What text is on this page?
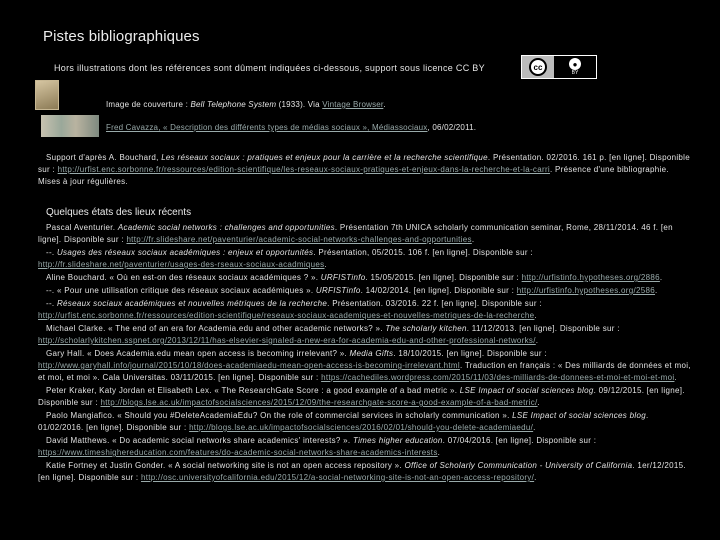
Pistes bibliographiques
Hors illustrations dont les références sont dûment indiquées ci-dessous, support sous licence CC BY	cc	●
BY
Image de couverture : Bell Telephone System (1933). Via Vintage Browser.
Fred Cavazza, « Description des différents types de médias sociaux », Médiassociaux, 06/02/2011.

Support d'après A. Bouchard, Les réseaux sociaux : pratiques et enjeux pour la carrière et la recherche scientifique. Présentation. 02/2016. 161 p. [en ligne]. Disponible sur : http://urfist.enc.sorbonne.fr/ressources/edition-scientifique/les-reseaux-sociaux-pratiques-et-enjeux-dans-la-recherche-et-la-carri. Présence d'une bibliographie. Mises à jour régulières.

Quelques états des lieux récents

Pascal Aventurier. Academic social networks : challenges and opportunities. Présentation 7th UNICA scholarly communication seminar, Rome, 28/11/2014. 46 f. [en ligne]. Disponible sur : http://fr.slideshare.net/paventurier/academic-social-networks-challenges-and-opportunities.

--. Usages des réseaux sociaux académiques : enjeux et opportunités. Présentation, 05/2015. 106 f. [en ligne]. Disponible sur : http://fr.slideshare.net/paventurier/usages-des-rseaux-sociaux-acadmiques.

Aline Bouchard. « Où en est-on des réseaux sociaux académiques ? ». URFISTinfo. 15/05/2015. [en ligne]. Disponible sur : http://urfistinfo.hypotheses.org/2886.

--. « Pour une utilisation critique des réseaux sociaux académiques ». URFISTinfo. 14/02/2014. [en ligne]. Disponible sur : http://urfistinfo.hypotheses.org/2586.

--. Réseaux sociaux académiques et nouvelles métriques de la recherche. Présentation. 03/2016. 22 f. [en ligne]. Disponible sur : http://urfist.enc.sorbonne.fr/ressources/edition-scientifique/reseaux-sociaux-academiques-et-nouvelles-metriques-de-la-recherche.

Michael Clarke. « The end of an era for Academia.edu and other academic networks? ». The scholarly kitchen. 11/12/2013. [en ligne]. Disponible sur : http://scholarlykitchen.sspnet.org/2013/12/11/has-elsevier-signaled-a-new-era-for-academia-edu-and-other-professional-networks/.

Gary Hall. « Does Academia.edu mean open access is becoming irrelevant? ». Media Gifts. 18/10/2015. [en ligne]. Disponible sur : http://www.garyhall.info/journal/2015/10/18/does-academiaedu-mean-open-access-is-becoming-irrelevant.html. Traduction en français : « Des milliards de données et moi, et moi, et moi ». Cala Universitas. 03/11/2015. [en ligne]. Disponible sur : https://cachediles.wordpress.com/2015/11/03/des-milliards-de-donnees-et-moi-et-moi-et-moi.

Peter Kraker, Katy Jordan et Elisabeth Lex. « The ResearchGate Score : a good example of a bad metric ». LSE Impact of social sciences blog. 09/12/2015. [en ligne]. Disponible sur : http://blogs.lse.ac.uk/impactofsocialsciences/2015/12/09/the-researchgate-score-a-good-example-of-a-bad-metric/.

Paolo Mangiafico. « Should you #DeleteAcademiaEdu? On the role of commercial services in scholarly communication ». LSE Impact of social sciences blog. 01/02/2016. [en ligne]. Disponible sur : http://blogs.lse.ac.uk/impactofsocialsciences/2016/02/01/should-you-delete-academiaedu/.

David Matthews. « Do academic social networks share academics' interests? ». Times higher education. 07/04/2016. [en ligne]. Disponible sur : https://www.timeshighereducation.com/features/do-academic-social-networks-share-academics-interests.

Katie Fortney et Justin Gonder. « A social networking site is not an open access repository ». Office of Scholarly Communication - University of California. 1er/12/2015. [en ligne]. Disponible sur : http://osc.universityofcalifornia.edu/2015/12/a-social-networking-site-is-not-an-open-access-repository/.
